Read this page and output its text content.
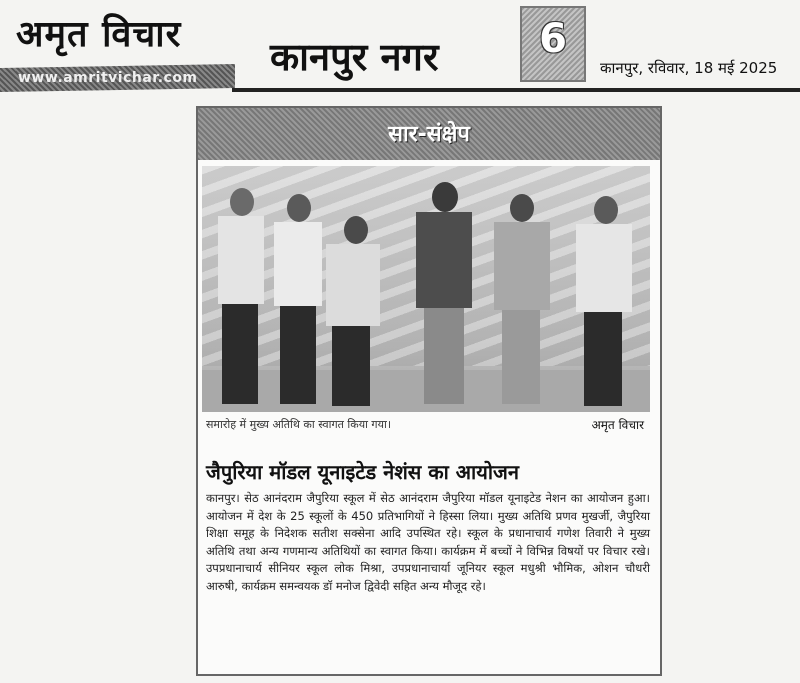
अमृत विचार
www.amritvichar.com कानपुर नगर	6
कानपुर, रविवार, 18 मई 2025
सार-संक्षेप
समारोह में मुख्य अतिथि का स्वागत किया गया।	अमृत विचार
जैपुरिया मॉडल यूनाइटेड नेशंस का आयोजन
कानपुर। सेठ आनंदराम जैपुरिया स्कूल में सेठ आनंदराम जैपुरिया मॉडल यूनाइटेड नेशन का आयोजन हुआ। आयोजन में देश के 25 स्कूलों के 450 प्रतिभागियों ने हिस्सा लिया। मुख्य अतिथि प्रणव मुखर्जी, जैपुरिया शिक्षा समूह के निदेशक सतीश सक्सेना आदि उपस्थित रहे। स्कूल के प्रधानाचार्य गणेश तिवारी ने मुख्य अतिथि तथा अन्य गणमान्य अतिथियों का स्वागत किया। कार्यक्रम में बच्चों ने विभिन्न विषयों पर विचार रखे। उपप्रधानाचार्य सीनियर स्कूल लोक मिश्रा, उपप्रधानाचार्या जूनियर स्कूल मधुश्री भौमिक, ओशन चौधरी आरुषी, कार्यक्रम समन्वयक डॉ मनोज द्विवेदी सहित अन्य मौजूद रहे।
